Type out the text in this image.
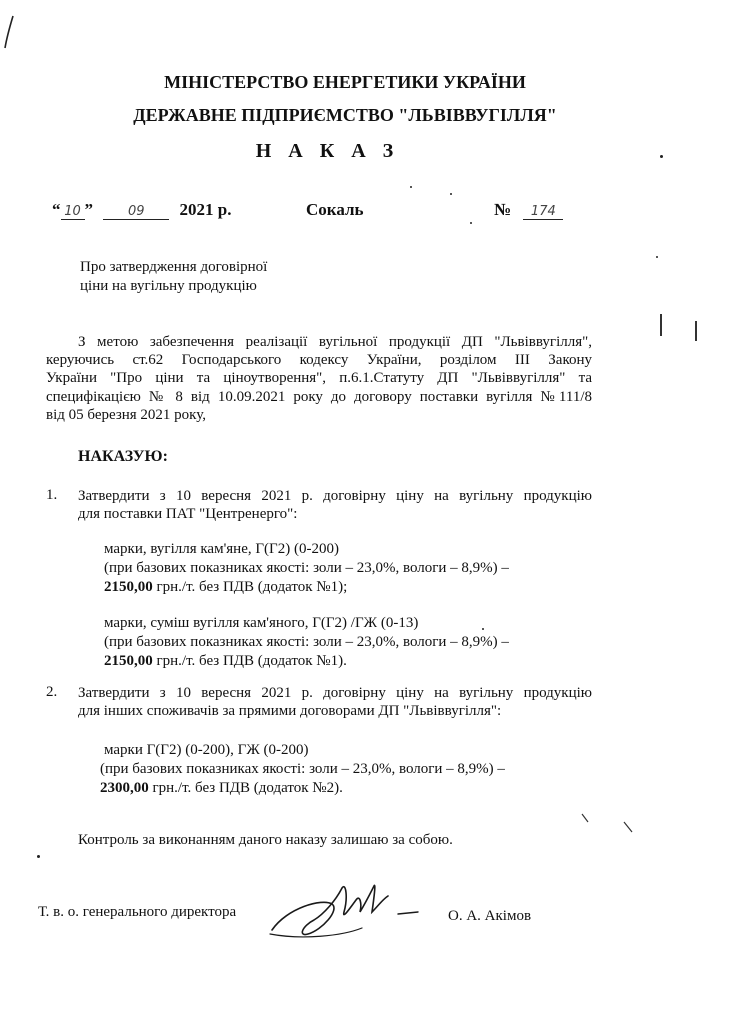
МІНІСТЕРСТВО ЕНЕРГЕТИКИ УКРАЇНИ
ДЕРЖАВНЕ ПІДПРИЄМСТВО "ЛЬВІВВУГІЛЛЯ"
Н А К А З
“ 10 ”	09 2021 р.	Сокаль	№ 174
Про затвердження договірної
ціни на вугільну продукцію
З метою забезпечення реалізації вугільної продукції ДП "Львіввугілля",
керуючись ст.62 Господарського кодексу України, розділом ІІІ Закону
України "Про ціни та ціноутворення", п.6.1.Статуту ДП "Львіввугілля" та
специфікацією № 8 від 10.09.2021 року до договору поставки вугілля №111/8
від 05 березня 2021 року,
НАКАЗУЮ:
1. Затвердити з 10 вересня 2021 р. договірну ціну на вугільну продукцію
для поставки ПАТ "Центренерго":
марки, вугілля кам'яне, Г(Г2) (0-200)
(при базових показниках якості: золи – 23,0%, вологи – 8,9%) –
2150,00 грн./т. без ПДВ (додаток №1);
марки, суміш вугілля кам'яного, Г(Г2) /ГЖ (0-13)
(при базових показниках якості: золи – 23,0%, вологи – 8,9%) –
2150,00 грн./т. без ПДВ (додаток №1).
2. Затвердити з 10 вересня 2021 р. договірну ціну на вугільну продукцію
для інших споживачів за прямими договорами ДП "Львіввугілля":
марки Г(Г2) (0-200), ГЖ (0-200)
(при базових показниках якості: золи – 23,0%, вологи – 8,9%) –
2300,00 грн./т. без ПДВ (додаток №2).
Контроль за виконанням даного наказу залишаю за собою.
Т. в. о. генерального директора	О. А. Акімов
